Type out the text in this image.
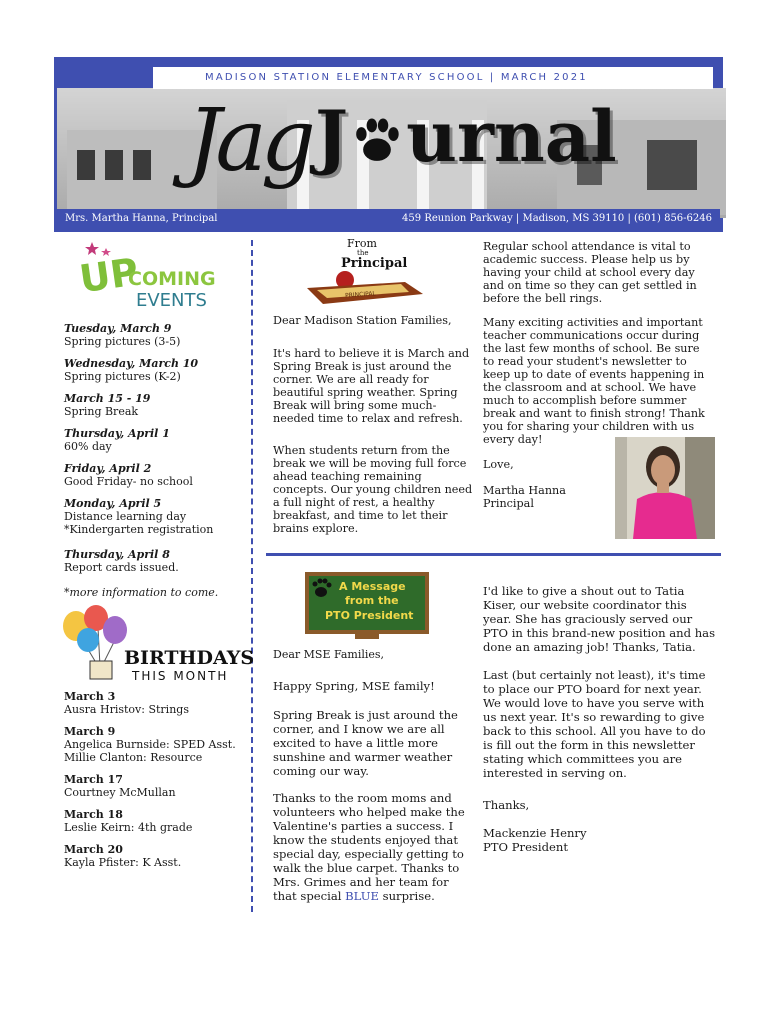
MADISON STATION ELEMENTARY SCHOOL | MARCH 2021
Jag J urnal
Mrs. Martha Hanna, Principal	459 Reunion Parkway | Madison, MS 39110 | (601) 856-6246
UP
COMING
EVENTS
Tuesday, March 9
Spring pictures (3-5)
Wednesday, March 10
Spring pictures (K-2)
March 15 - 19
Spring Break
Thursday, April 1
60% day
Friday, April 2
Good Friday- no school
Monday, April 5
Distance learning day
*Kindergarten registration
Thursday, April 8
Report cards issued.
*more information to come.
BIRTHDAYS
THIS MONTH
March 3
Ausra Hristov: Strings
March 9
Angelica Burnside: SPED Asst.
Millie Clanton: Resource
March 17
Courtney McMullan
March 18
Leslie Keirn: 4th grade
March 20
Kayla Pfister: K Asst.
From
the
Principal
PRINCIPAL

Dear Madison Station Families,

It's hard to believe it is March and Spring Break is just around the corner. We are all ready for beautiful spring weather. Spring Break will bring some much-needed time to relax and refresh.

When students return from the break we will be moving full force ahead teaching remaining concepts. Our young children need a full night of rest, a healthy breakfast, and time to let their brains explore.

Regular school attendance is vital to academic success. Please help us by having your child at school every day and on time so they can get settled in before the bell rings.

Many exciting activities and important teacher communications occur during the last few months of school. Be sure to read your student's newsletter to keep up to date of events happening in the classroom and at school. We have much to accomplish before summer break and want to finish strong! Thank you for sharing your children with us every day!

Love,

Martha Hanna
Principal
A Message
from the
PTO President

Dear MSE Families,

Happy Spring, MSE family!

Spring Break is just around the corner, and I know we are all excited to have a little more sunshine and warmer weather coming our way.

Thanks to the room moms and volunteers who helped make the Valentine's parties a success. I know the students enjoyed that special day, especially getting to walk the blue carpet. Thanks to Mrs. Grimes and her team for that special BLUE surprise.

I'd like to give a shout out to Tatia Kiser, our website coordinator this year. She has graciously served our PTO in this brand-new position and has done an amazing job! Thanks, Tatia.

Last (but certainly not least), it's time to place our PTO board for next year. We would love to have you serve with us next year. It's so rewarding to give back to this school. All you have to do is fill out the form in this newsletter stating which committees you are interested in serving on.

Thanks,

Mackenzie Henry
PTO President
